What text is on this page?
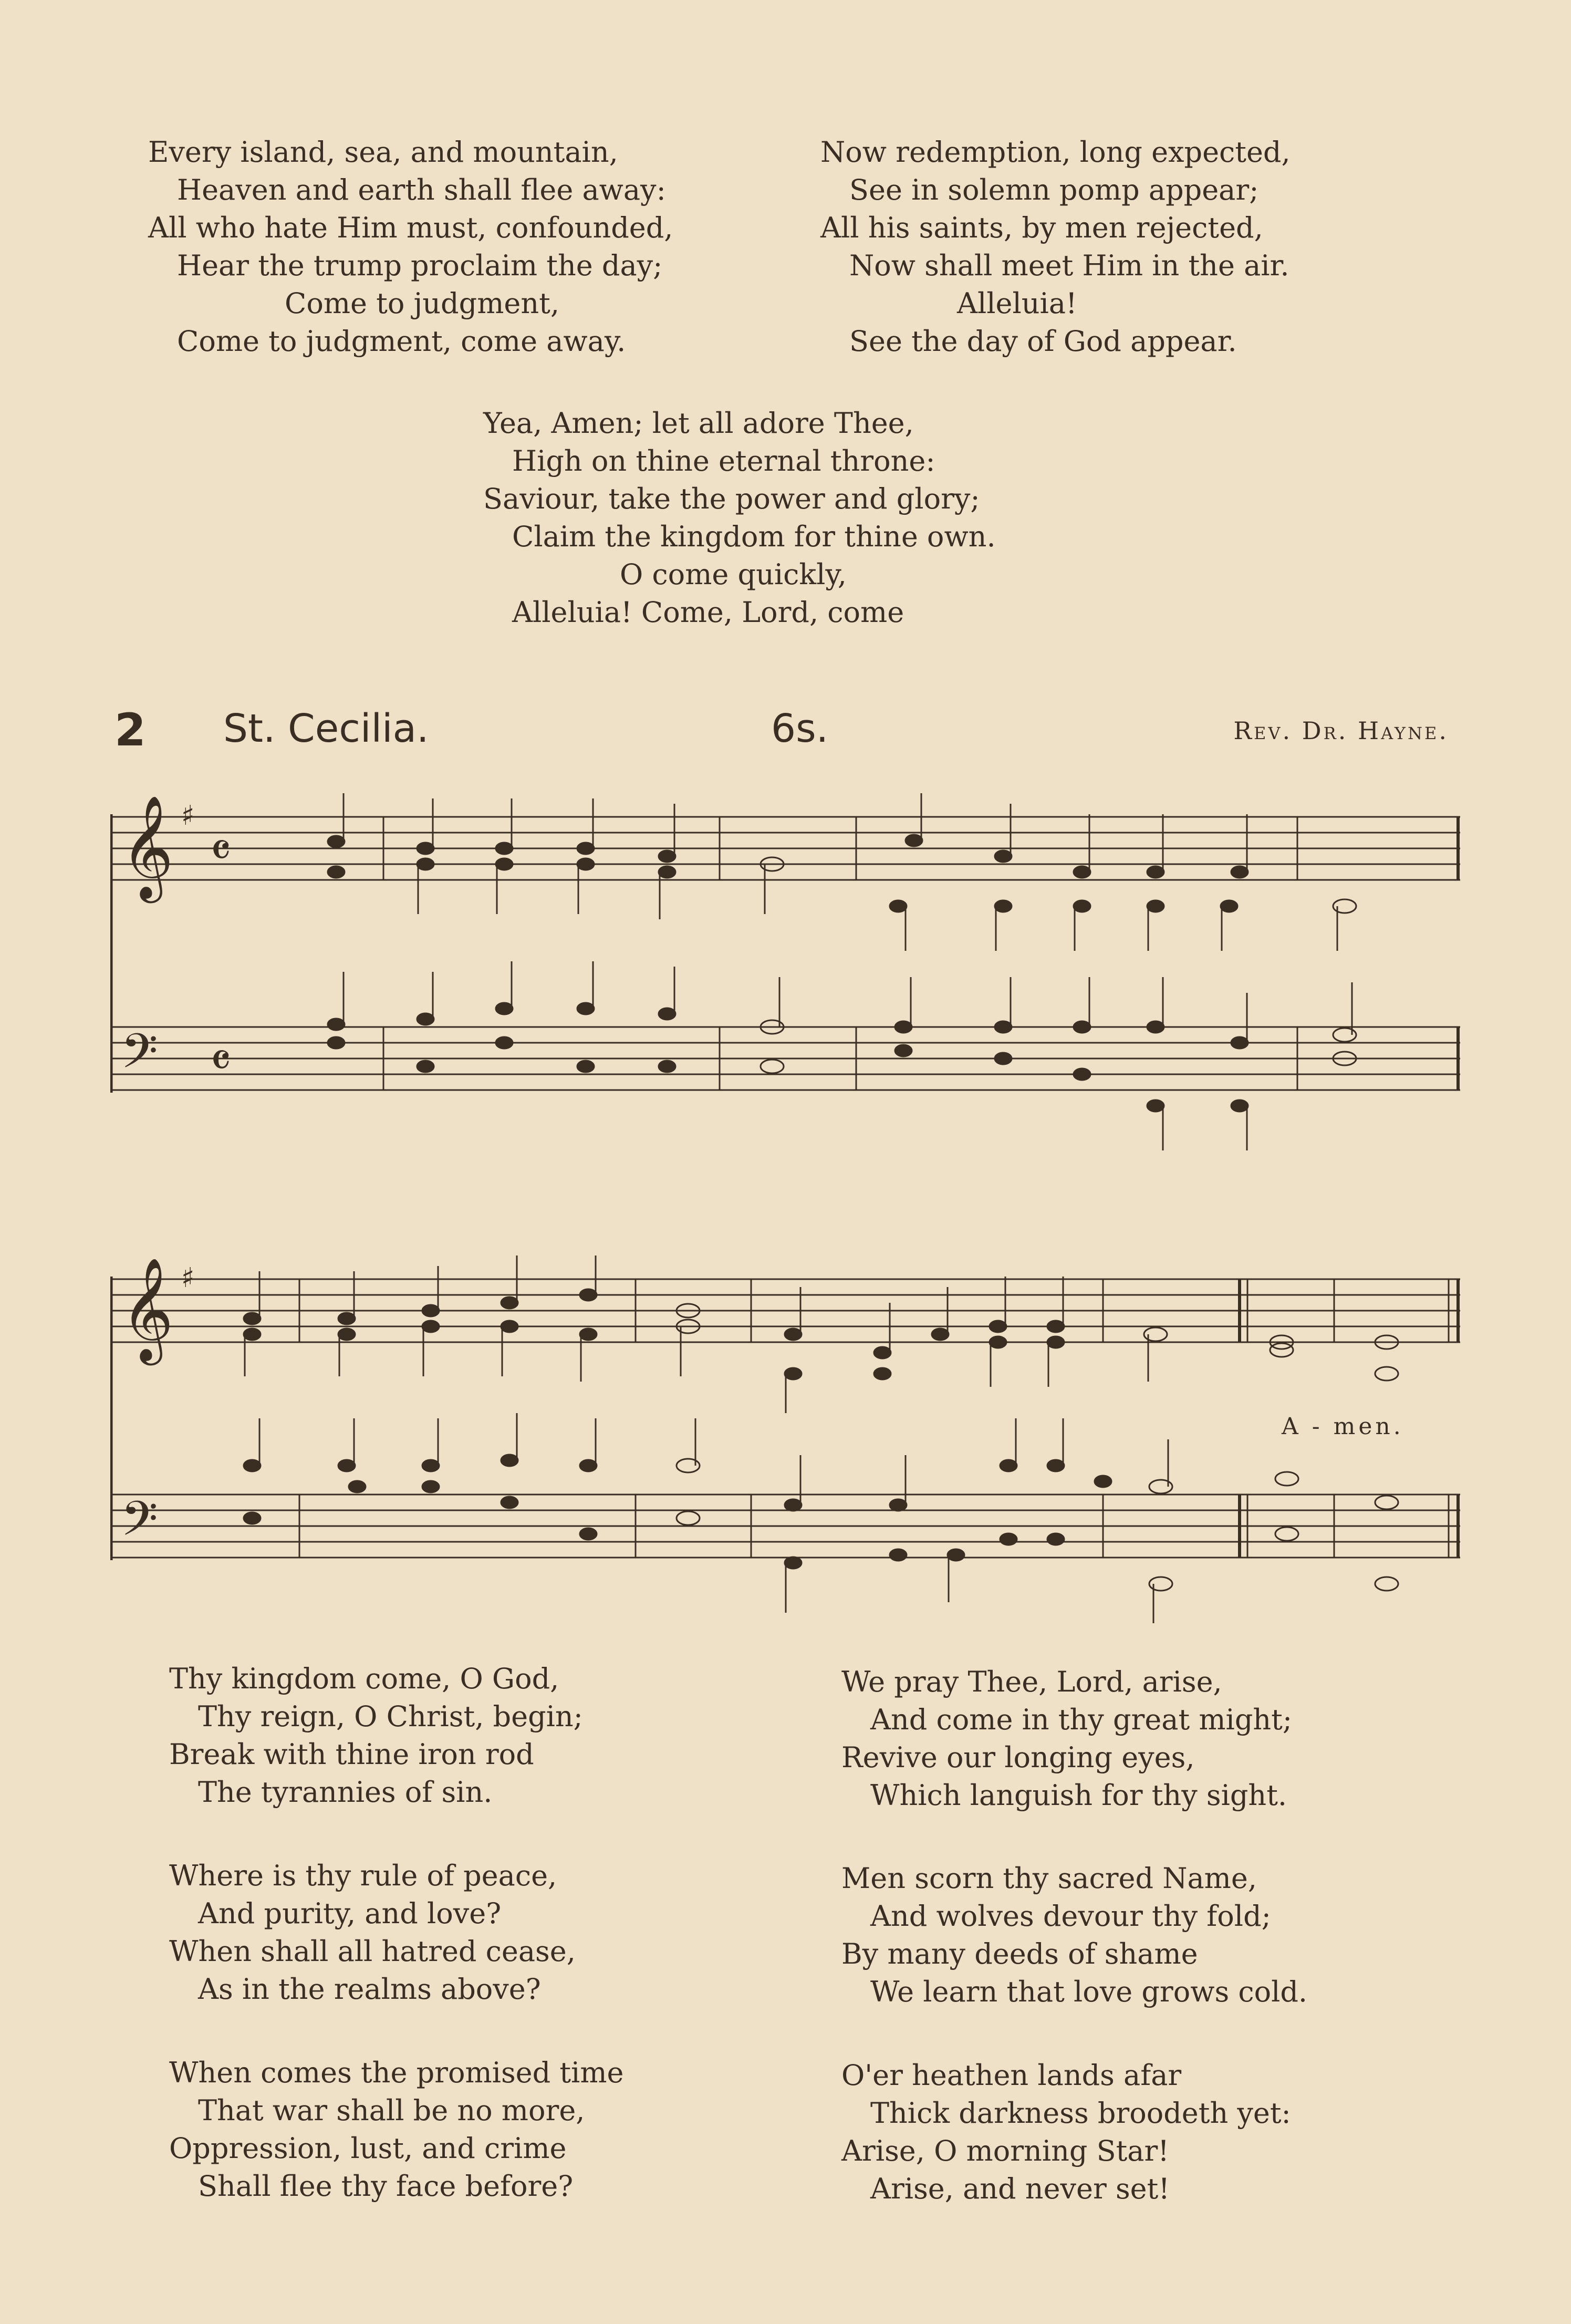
Every island, sea, and mountain,
Heaven and earth shall flee away:
All who hate Him must, confounded,
Hear the trump proclaim the day;
Come to judgment,
Come to judgment, come away.
Now redemption, long expected,
See in solemn pomp appear;
All his saints, by men rejected,
Now shall meet Him in the air.
Alleluia!
See the day of God appear.
Yea, Amen; let all adore Thee,
High on thine eternal throne:
Saviour, take the power and glory;
Claim the kingdom for thine own.
O come quickly,
Alleluia! Come, Lord, come
2 St. Cecilia.	6s.	Rev. Dr. Hayne.
𝄞
𝄢
♯
𝄴
𝄴
𝄞
𝄢
♯
A - men.
Thy kingdom come, O God,
Thy reign, O Christ, begin;
Break with thine iron rod
The tyrannies of sin.
We pray Thee, Lord, arise,
And come in thy great might;
Revive our longing eyes,
Which languish for thy sight.
Where is thy rule of peace,
And purity, and love?
When shall all hatred cease,
As in the realms above?
Men scorn thy sacred Name,
And wolves devour thy fold;
By many deeds of shame
We learn that love grows cold.
When comes the promised time
That war shall be no more,
Oppression, lust, and crime
Shall flee thy face before?
O'er heathen lands afar
Thick darkness broodeth yet:
Arise, O morning Star!
Arise, and never set!
